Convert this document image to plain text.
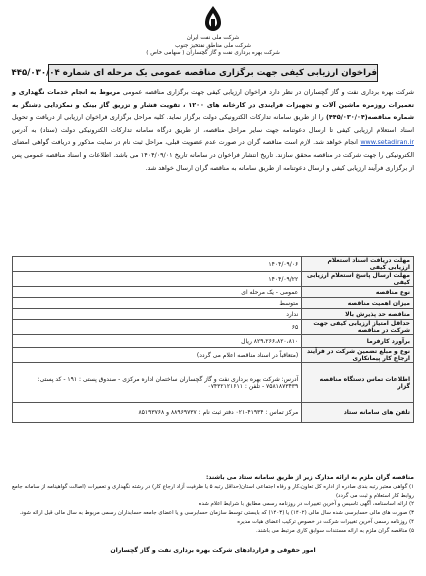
شرکت ملی نفت ایران
شرکت ملی مناطق نفتخیز جنوب
شرکت بهره برداری نفت و گاز گچساران ( سهامی خاص )
فراخوان ارزیابی کیفی جهت برگزاری مناقصه عمومی یک مرحله ای شماره ۴۴۵/۰۳۰/۰۴

شرکت بهره برداری نفت و گاز گچساران در نظر دارد فراخوان ارزیابی کیفی جهت برگزاری مناقصه عمومی مربوط به انجام خدمات نگهداری و تعمیرات روزمره ماشین آلات و تجهیزات فرایندی در کارخانه های ۱۲۰۰ ، تقویت فشار و تزریق گاز بینک و نمکزدایی دشتگز به شماره مناقصه(۴۴۵/۰۳۰/۰۴) را از طریق سامانه تدارکات الکترونیکی دولت برگزار نماید. کلیه مراحل برگزاری فراخوان ارزیابی از دریافت و تحویل اسناد استعلام ارزیابی کیفی تا ارسال دعوتنامه جهت سایر مراحل مناقصه، از طریق درگاه سامانه تدارکات الکترونیکی دولت (ستاد) به آدرس www.setadiran.ir انجام خواهد شد. لازم است مناقصه گران در صورت عدم عضویت قبلی، مراحل ثبت نام در سایت مذکور و دریافت گواهی امضای الکترونیکی را جهت شرکت در مناقصه محقق سازند. تاریخ انتشار فراخوان در سامانه تاریخ ۱۴۰۴/۰۹/۰۱ می باشد. اطلاعات و اسناد مناقصه عمومی پس از برگزاری فرآیند ارزیابی کیفی و ارسال دعوتنامه از طریق سامانه به مناقصه گران ارسال خواهد شد.

مهلت دریافت اسناد استعلام ارزیابی کیفی	۱۴۰۴/۰۹/۰۶
مهلت ارسال پاسخ استعلام ارزیابی کیفی	۱۴۰۴/۰۹/۲۲
نوع مناقصه	عمومی - یک مرحله ای
میزان اهمیت مناقصه	متوسط
مناقصه حد پذیرش بالا	ندارد
حداقل امتیاز ارزیابی کیفی جهت شرکت در مناقصه	۶۵
برآورد کارفرما	۸۲۹،۲۶۶،۸۲۰،۸۱۰ ریال
نوع و مبلغ تضمین شرکت در فرآیند ارجاع کار پیمانکاری	(متعاقباً در اسناد مناقصه اعلام می گردد)
اطلاعات تماس دستگاه مناقصه گزار	آدرس: شرکت بهره برداری نفت و گاز گچساران ساختمان اداره مرکزی - صندوق پستی : ۱۹۱ - کد پستی: ۷۵۸۱۸۷۳۴۳۹ - تلفن : ۰۷۴۳۲۱۲۱۶۱۱
تلفن های سامانه ستاد	مرکز تماس : ۴۱۹۳۴-۰۲۱ دفتر ثبت نام : ۸۸۹۶۹۷۳۷ و ۸۵۱۹۳۷۶۸
مناقصه گران ملزم به ارائه مدارک زیر از طریق سامانه ستاد می باشند:
۱) گواهی معتبر رتبه بندی صادره از اداره کل تعاون،کار و رفاه اجتماعی استان(حداقل رتبه ۵ یا ظرفیت آزاد ارجاع کار) در رشته نگهداری و تعمیرات (اصالت گواهینامه از سامانه جامع روابط کار استعلام و ثبت می گردد)
۲) ارائه اساسنامه، آگهی تاسیس و آخرین تغییرات در روزنامه رسمی مطابق با شرایط اعلام شده
۳) صورت های مالی حسابرسی شده سال مالی (۱۴۰۲) یا (۱۴۰۳) که بایستی توسط سازمان حسابرسی و یا اعضای جامعه حسابداران رسمی مربوط به سال مالی قبل ارائه شود.
۴) روزنامه رسمی آخرین تغییرات شرکت در خصوص ترکیب اعضای هیات مدیره
۵) مناقصه گران ملزم به ارائه مستندات سوابق کاری مرتبط می باشند.
امور حقوقی و قراردادهای شرکت بهره برداری نفت و گاز گچساران
